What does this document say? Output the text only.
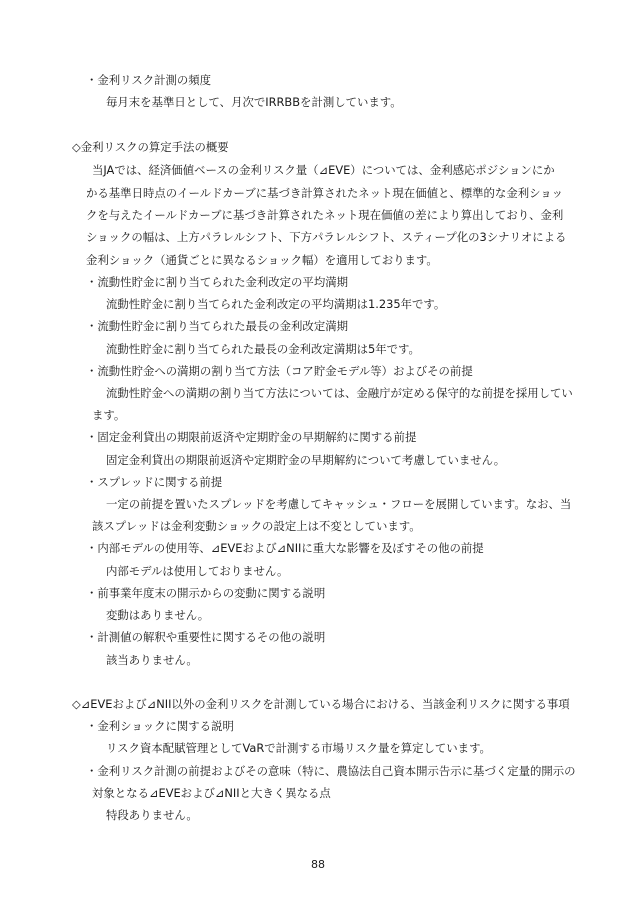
・金利リスク計測の頻度
毎月末を基準日として、月次でIRRBBを計測しています。
◇金利リスクの算定手法の概要
当JAでは、経済価値ベースの金利リスク量（⊿EVE）については、金利感応ポジションにか
かる基準日時点のイールドカーブに基づき計算されたネット現在価値と、標準的な金利ショッ
クを与えたイールドカーブに基づき計算されたネット現在価値の差により算出しており、金利
ショックの幅は、上方パラレルシフト、下方パラレルシフト、スティープ化の3シナリオによる
金利ショック（通貨ごとに異なるショック幅）を適用しております。
・流動性貯金に割り当てられた金利改定の平均満期
流動性貯金に割り当てられた金利改定の平均満期は1.235年です。
・流動性貯金に割り当てられた最長の金利改定満期
流動性貯金に割り当てられた最長の金利改定満期は5年です。
・流動性貯金への満期の割り当て方法（コア貯金モデル等）およびその前提
流動性貯金への満期の割り当て方法については、金融庁が定める保守的な前提を採用してい
ます。
・固定金利貸出の期限前返済や定期貯金の早期解約に関する前提
固定金利貸出の期限前返済や定期貯金の早期解約について考慮していません。
・スプレッドに関する前提
一定の前提を置いたスプレッドを考慮してキャッシュ・フローを展開しています。なお、当
該スプレッドは金利変動ショックの設定上は不変としています。
・内部モデルの使用等、⊿EVEおよび⊿NIIに重大な影響を及ぼすその他の前提
内部モデルは使用しておりません。
・前事業年度末の開示からの変動に関する説明
変動はありません。
・計測値の解釈や重要性に関するその他の説明
該当ありません。
◇⊿EVEおよび⊿NII以外の金利リスクを計測している場合における、当該金利リスクに関する事項
・金利ショックに関する説明
リスク資本配賦管理としてVaRで計測する市場リスク量を算定しています。
・金利リスク計測の前提およびその意味（特に、農協法自己資本開示告示に基づく定量的開示の
対象となる⊿EVEおよび⊿NIIと大きく異なる点
特段ありません。
88
